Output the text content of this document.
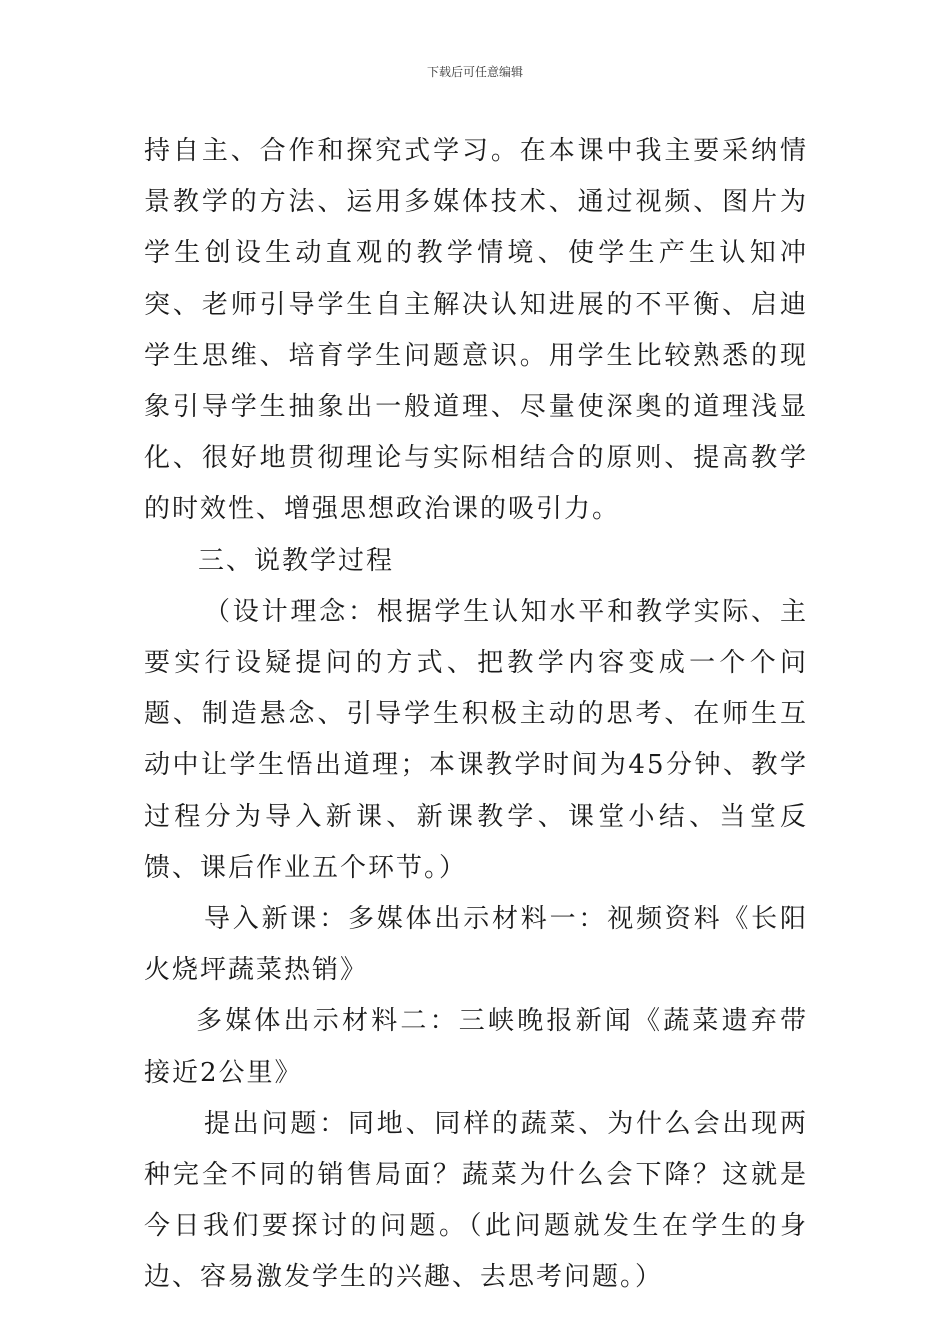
下载后可任意编辑

持自主、合作和探究式学习。在本课中我主要采纳情景教学的方法、运用多媒体技术、通过视频、图片为学生创设生动直观的教学情境、使学生产生认知冲突、老师引导学生自主解决认知进展的不平衡、启迪学生思维、培育学生问题意识。用学生比较熟悉的现象引导学生抽象出一般道理、尽量使深奥的道理浅显化、很好地贯彻理论与实际相结合的原则、提高教学的时效性、增强思想政治课的吸引力。

三、说教学过程

（设计理念：根据学生认知水平和教学实际、主要实行设疑提问的方式、把教学内容变成一个个问题、制造悬念、引导学生积极主动的思考、在师生互动中让学生悟出道理；本课教学时间为45分钟、教学过程分为导入新课、新课教学、课堂小结、当堂反馈、课后作业五个环节。）

导入新课：多媒体出示材料一：视频资料《长阳火烧坪蔬菜热销》

多媒体出示材料二：三峡晚报新闻《蔬菜遗弃带接近2公里》

提出问题：同地、同样的蔬菜、为什么会出现两种完全不同的销售局面？蔬菜为什么会下降？这就是今日我们要探讨的问题。（此问题就发生在学生的身边、容易激发学生的兴趣、去思考问题。）
